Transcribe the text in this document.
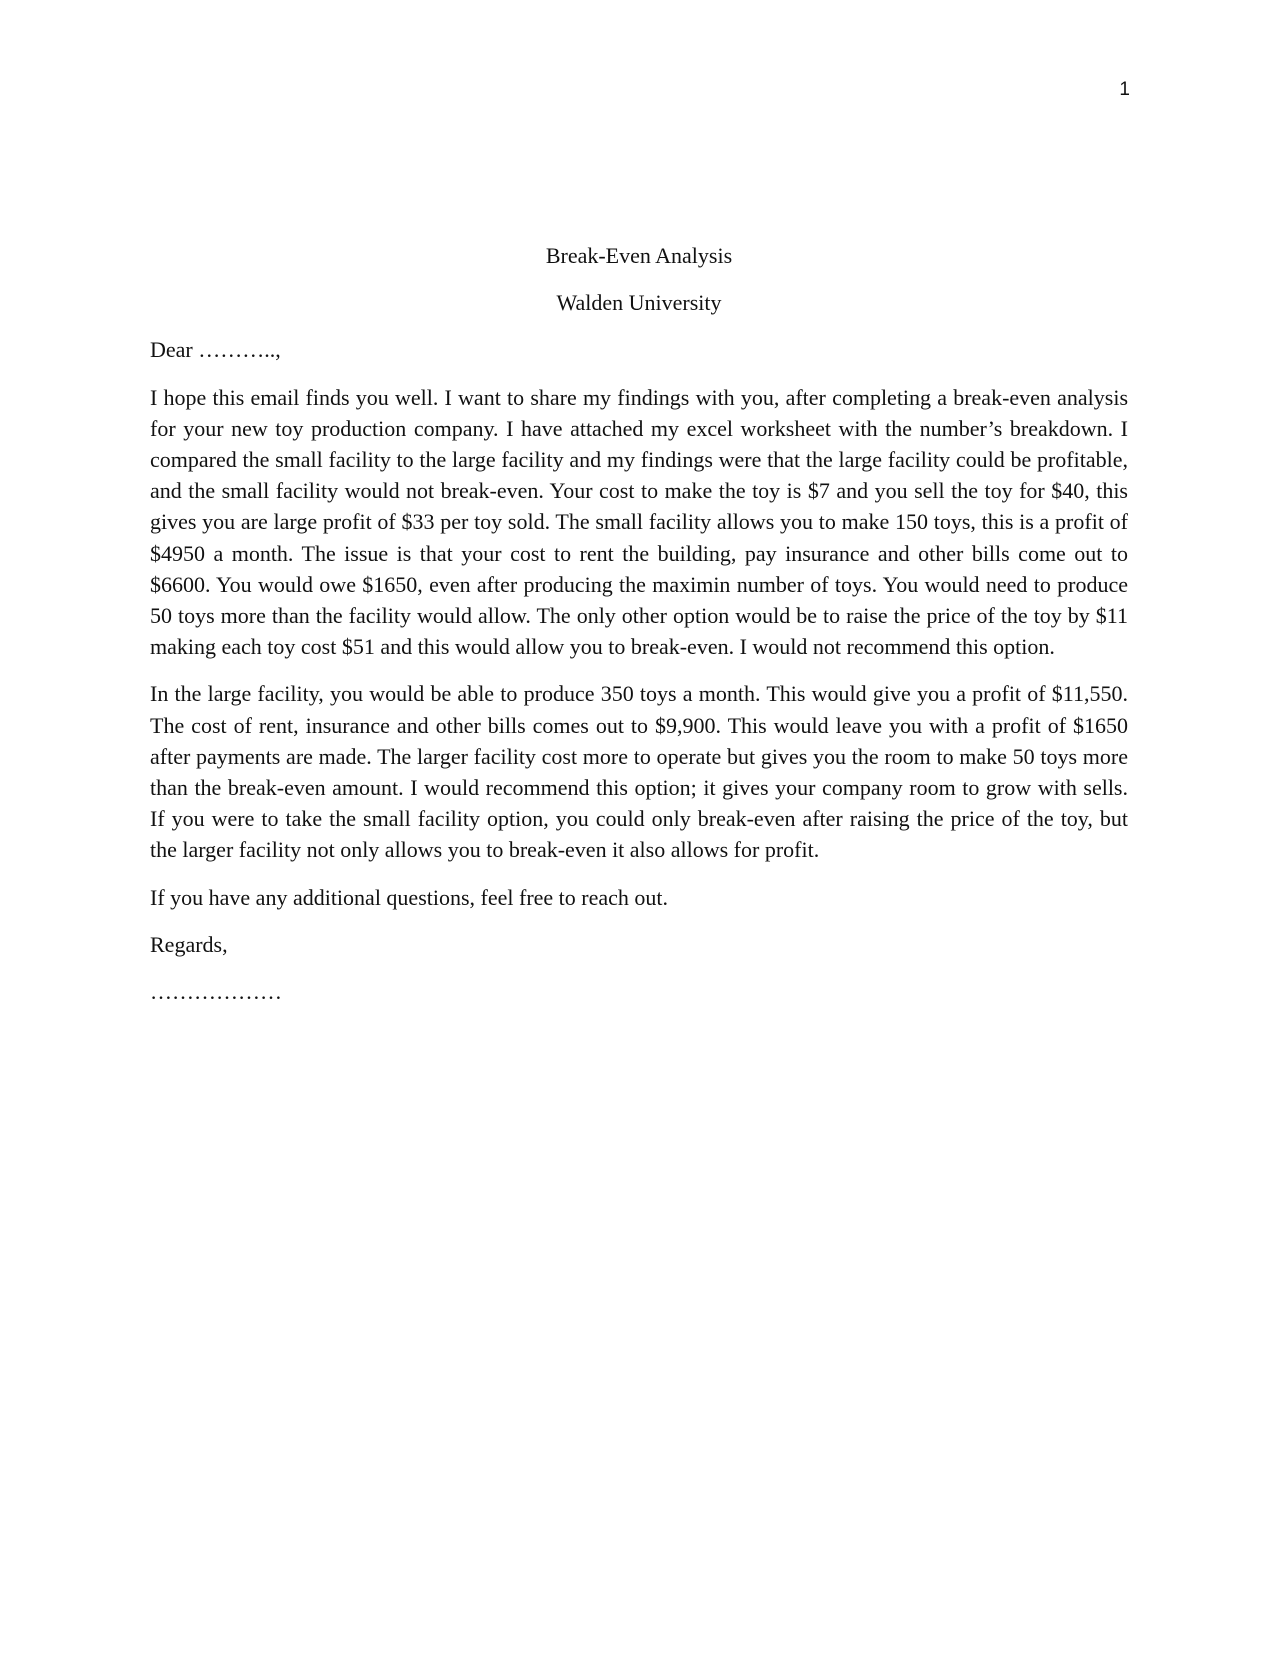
1
Break-Even Analysis
Walden University
Dear ………..,
I hope this email finds you well. I want to share my findings with you, after completing a break-even analysis for your new toy production company. I have attached my excel worksheet with the number’s breakdown. I compared the small facility to the large facility and my findings were that the large facility could be profitable, and the small facility would not break-even. Your cost to make the toy is $7 and you sell the toy for $40, this gives you are large profit of $33 per toy sold. The small facility allows you to make 150 toys, this is a profit of $4950 a month. The issue is that your cost to rent the building, pay insurance and other bills come out to $6600. You would owe $1650, even after producing the maximin number of toys. You would need to produce 50 toys more than the facility would allow. The only other option would be to raise the price of the toy by $11 making each toy cost $51 and this would allow you to break-even. I would not recommend this option.
In the large facility, you would be able to produce 350 toys a month. This would give you a profit of $11,550. The cost of rent, insurance and other bills comes out to $9,900. This would leave you with a profit of $1650 after payments are made. The larger facility cost more to operate but gives you the room to make 50 toys more than the break-even amount. I would recommend this option; it gives your company room to grow with sells. If you were to take the small facility option, you could only break-even after raising the price of the toy, but the larger facility not only allows you to break-even it also allows for profit.
If you have any additional questions, feel free to reach out.
Regards,
………………
